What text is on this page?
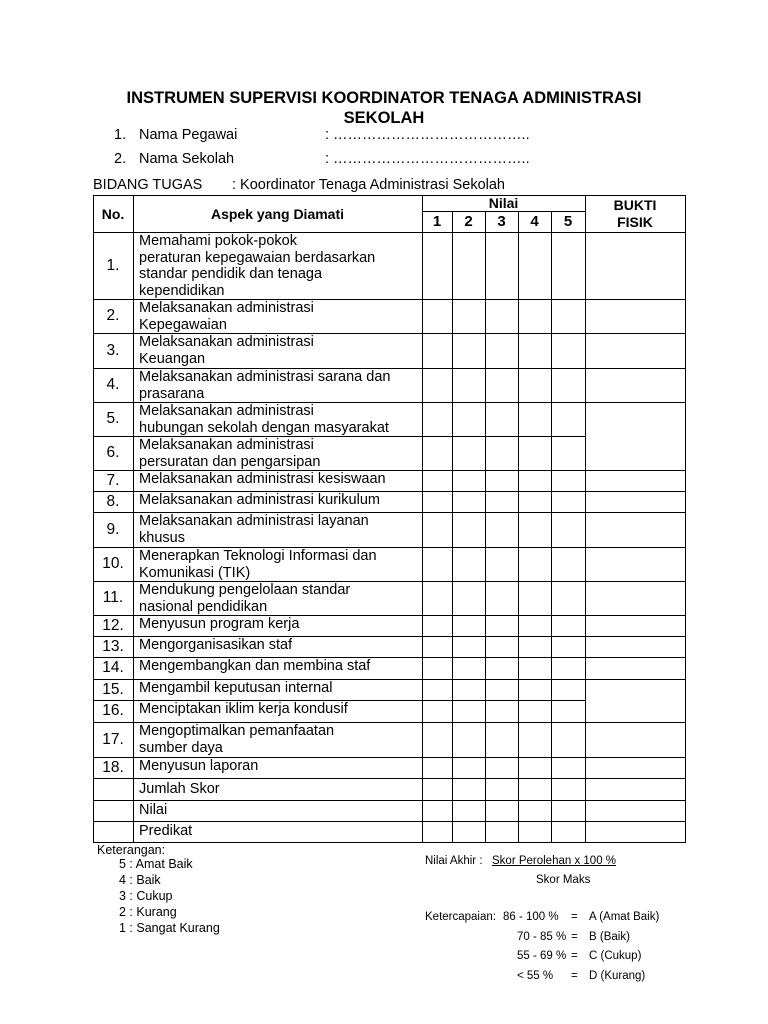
INSTRUMEN SUPERVISI KOORDINATOR TENAGA ADMINISTRASI
SEKOLAH
1. Nama Pegawai	: …………………………………..
2. Nama Sekolah	: …………………………………..
BIDANG TUGAS : Koordinator Tenaga Administrasi Sekolah
No.	Aspek yang Diamati
Nilai
1	2	3	4	5
BUKTI
FISIK
1.
Memahami pokok-pokok
peraturan kepegawaian berdasarkan
standar pendidik dan tenaga
kependidikan
2.	Melaksanakan administrasi
Kepegawaian
3.	Melaksanakan administrasi
Keuangan
4.	Melaksanakan administrasi sarana dan
prasarana
5.	Melaksanakan administrasi
hubungan sekolah dengan masyarakat
6.	Melaksanakan administrasi
persuratan dan pengarsipan
7.	Melaksanakan administrasi kesiswaan
8.	Melaksanakan administrasi kurikulum
9.	Melaksanakan administrasi layanan
khusus
10.	Menerapkan Teknologi Informasi dan
Komunikasi (TIK)
11.	Mendukung pengelolaan standar
nasional pendidikan
12.	Menyusun program kerja
13.	Mengorganisasikan staf
14.	Mengembangkan dan membina staf
15.	Mengambil keputusan internal
16.	Menciptakan iklim kerja kondusif
17.	Mengoptimalkan pemanfaatan
sumber daya
18.	Menyusun laporan
Jumlah Skor
Nilai
Predikat
Keterangan:
5 : Amat Baik
4 : Baik
3 : Cukup
2 : Kurang
1 : Sangat Kurang
Nilai Akhir : Skor Perolehan x 100 %
Skor Maks
Ketercapaian: 86 - 100 % = A (Amat Baik)
70 - 85 % = B (Baik)
55 - 69 % = C (Cukup)
< 55 % = D (Kurang)
